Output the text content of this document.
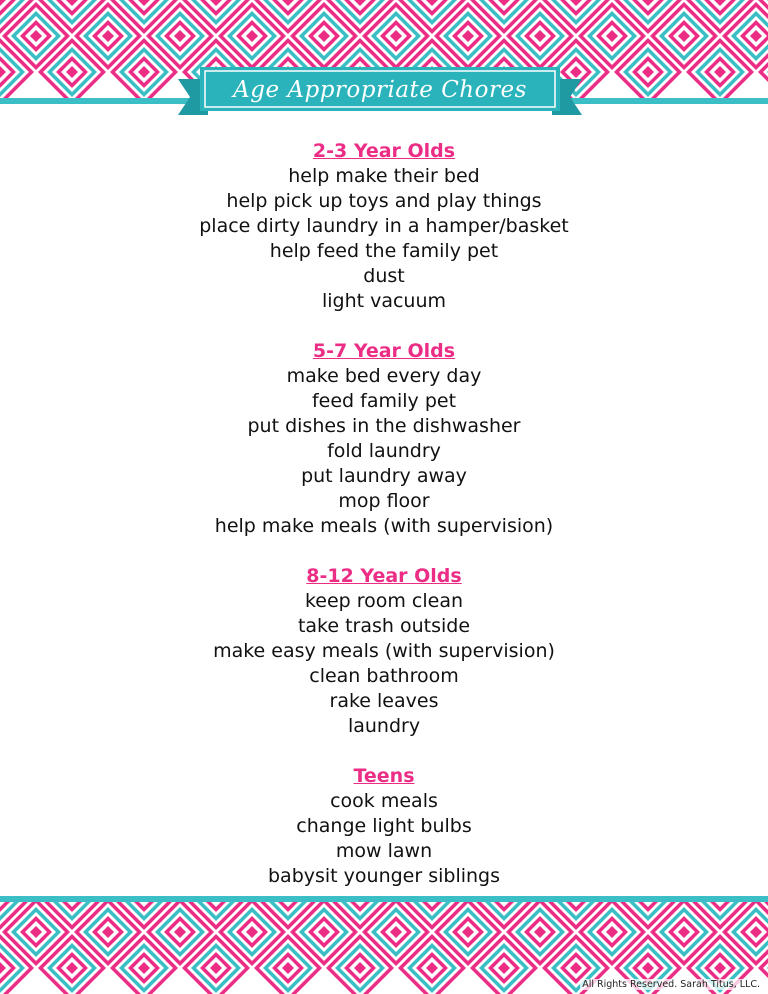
Age Appropriate Chores
2-3 Year Olds
help make their bed
help pick up toys and play things
place dirty laundry in a hamper/basket
help feed the family pet
dust
light vacuum
5-7 Year Olds
make bed every day
feed family pet
put dishes in the dishwasher
fold laundry
put laundry away
mop floor
help make meals (with supervision)
8-12 Year Olds
keep room clean
take trash outside
make easy meals (with supervision)
clean bathroom
rake leaves
laundry
Teens
cook meals
change light bulbs
mow lawn
babysit younger siblings
All Rights Reserved. Sarah Titus, LLC.
